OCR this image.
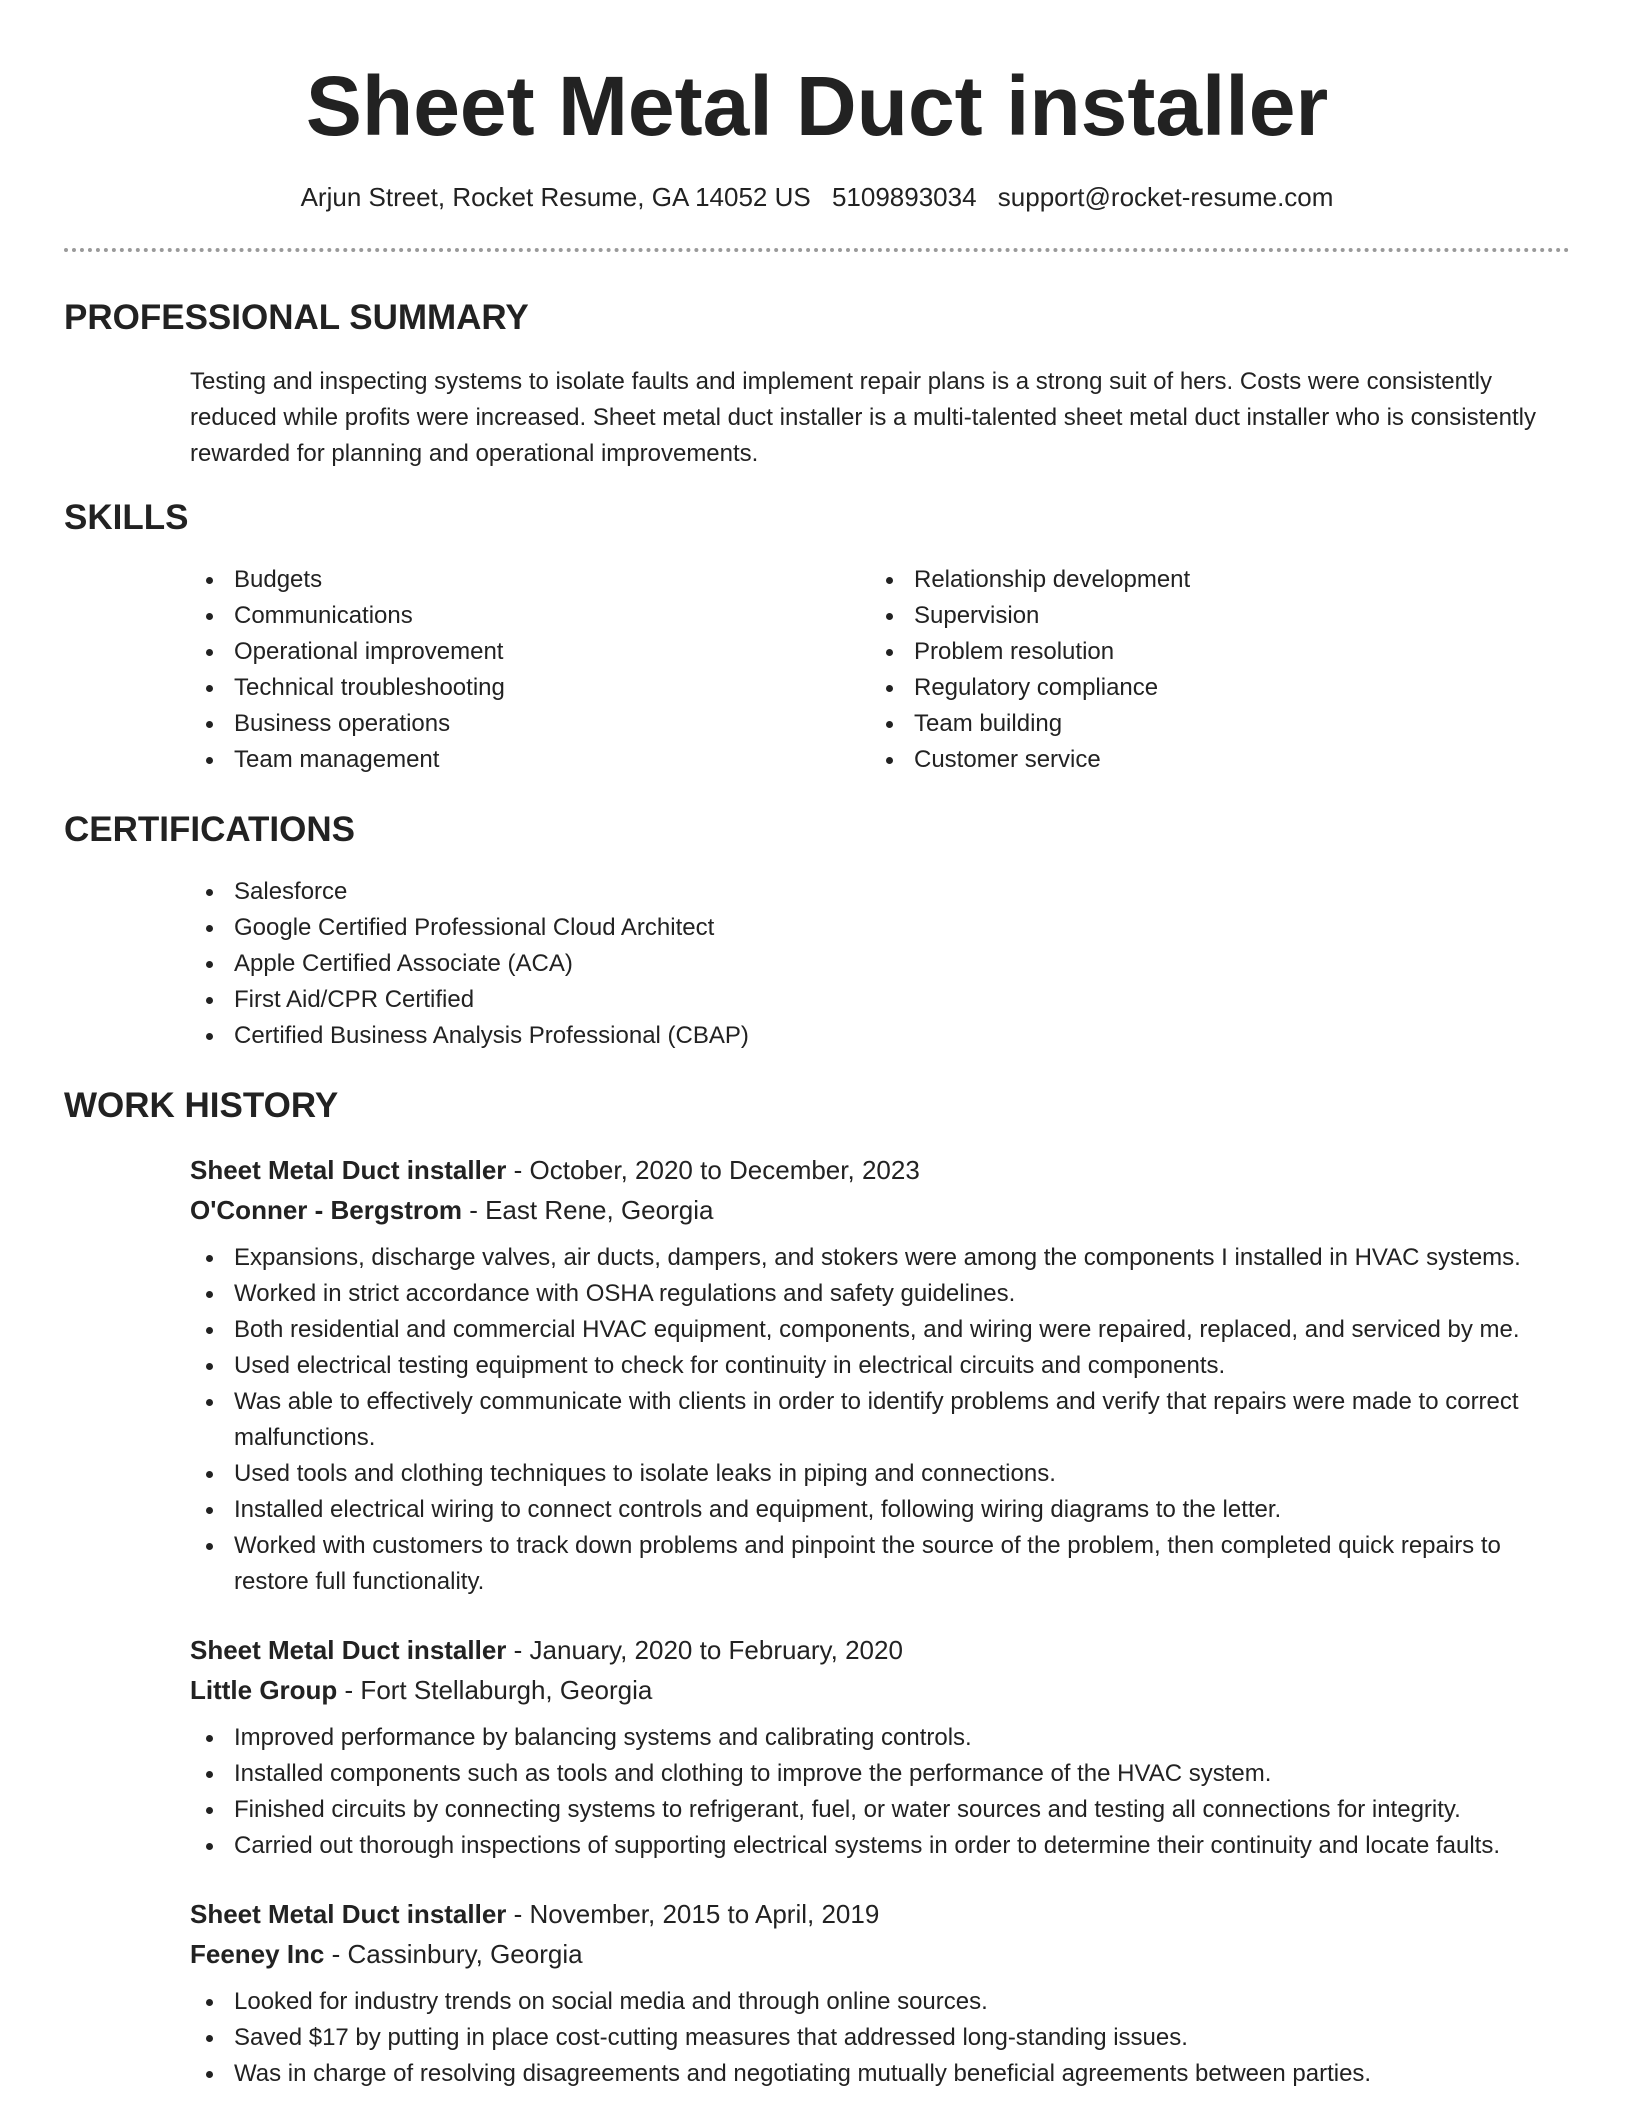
Sheet Metal Duct installer
Arjun Street, Rocket Resume, GA 14052 US 5109893034 support@rocket-resume.com
PROFESSIONAL SUMMARY
Testing and inspecting systems to isolate faults and implement repair plans is a strong suit of hers. Costs were consistently reduced while profits were increased. Sheet metal duct installer is a multi-talented sheet metal duct installer who is consistently rewarded for planning and operational improvements.
SKILLS
Budgets
Communications
Operational improvement
Technical troubleshooting
Business operations
Team management
Relationship development
Supervision
Problem resolution
Regulatory compliance
Team building
Customer service
CERTIFICATIONS
Salesforce
Google Certified Professional Cloud Architect
Apple Certified Associate (ACA)
First Aid/CPR Certified
Certified Business Analysis Professional (CBAP)
WORK HISTORY
Sheet Metal Duct installer - October, 2020 to December, 2023
O'Conner - Bergstrom - East Rene, Georgia
Expansions, discharge valves, air ducts, dampers, and stokers were among the components I installed in HVAC systems.
Worked in strict accordance with OSHA regulations and safety guidelines.
Both residential and commercial HVAC equipment, components, and wiring were repaired, replaced, and serviced by me.
Used electrical testing equipment to check for continuity in electrical circuits and components.
Was able to effectively communicate with clients in order to identify problems and verify that repairs were made to correct malfunctions.
Used tools and clothing techniques to isolate leaks in piping and connections.
Installed electrical wiring to connect controls and equipment, following wiring diagrams to the letter.
Worked with customers to track down problems and pinpoint the source of the problem, then completed quick repairs to restore full functionality.
Sheet Metal Duct installer - January, 2020 to February, 2020
Little Group - Fort Stellaburgh, Georgia
Improved performance by balancing systems and calibrating controls.
Installed components such as tools and clothing to improve the performance of the HVAC system.
Finished circuits by connecting systems to refrigerant, fuel, or water sources and testing all connections for integrity.
Carried out thorough inspections of supporting electrical systems in order to determine their continuity and locate faults.
Sheet Metal Duct installer - November, 2015 to April, 2019
Feeney Inc - Cassinbury, Georgia
Looked for industry trends on social media and through online sources.
Saved $17 by putting in place cost-cutting measures that addressed long-standing issues.
Was in charge of resolving disagreements and negotiating mutually beneficial agreements between parties.
